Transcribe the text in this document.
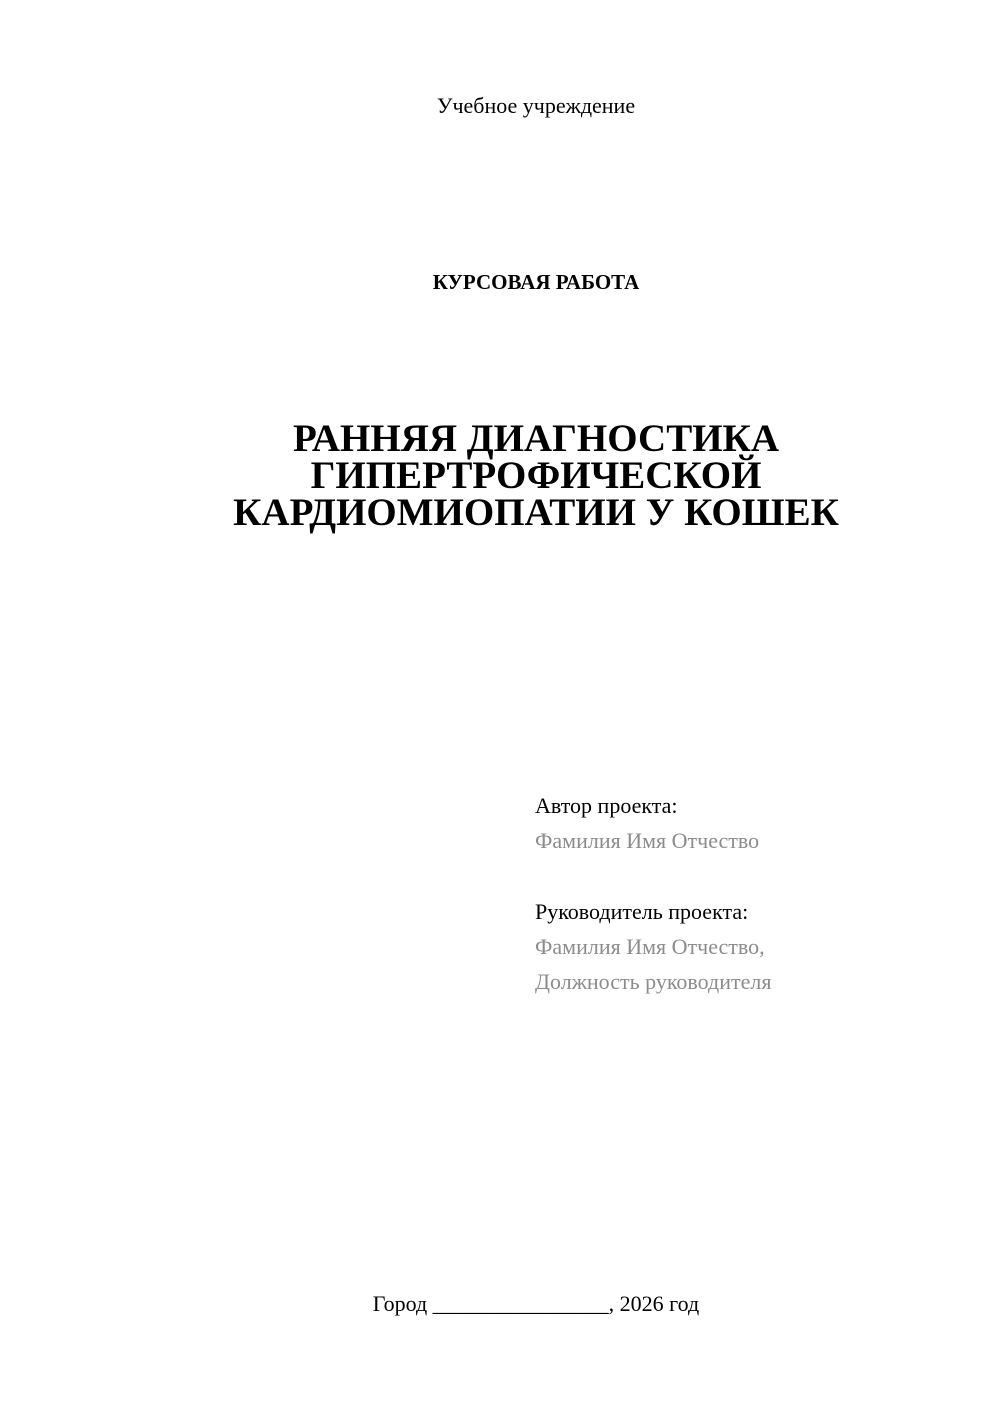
Учебное учреждение
КУРСОВАЯ РАБОТА
РАННЯЯ ДИАГНОСТИКА
ГИПЕРТРОФИЧЕСКОЙ
КАРДИОМИОПАТИИ У КОШЕК
Автор проекта:
Фамилия Имя Отчество
Руководитель проекта:
Фамилия Имя Отчество,
Должность руководителя
Город ________________, 2026 год
